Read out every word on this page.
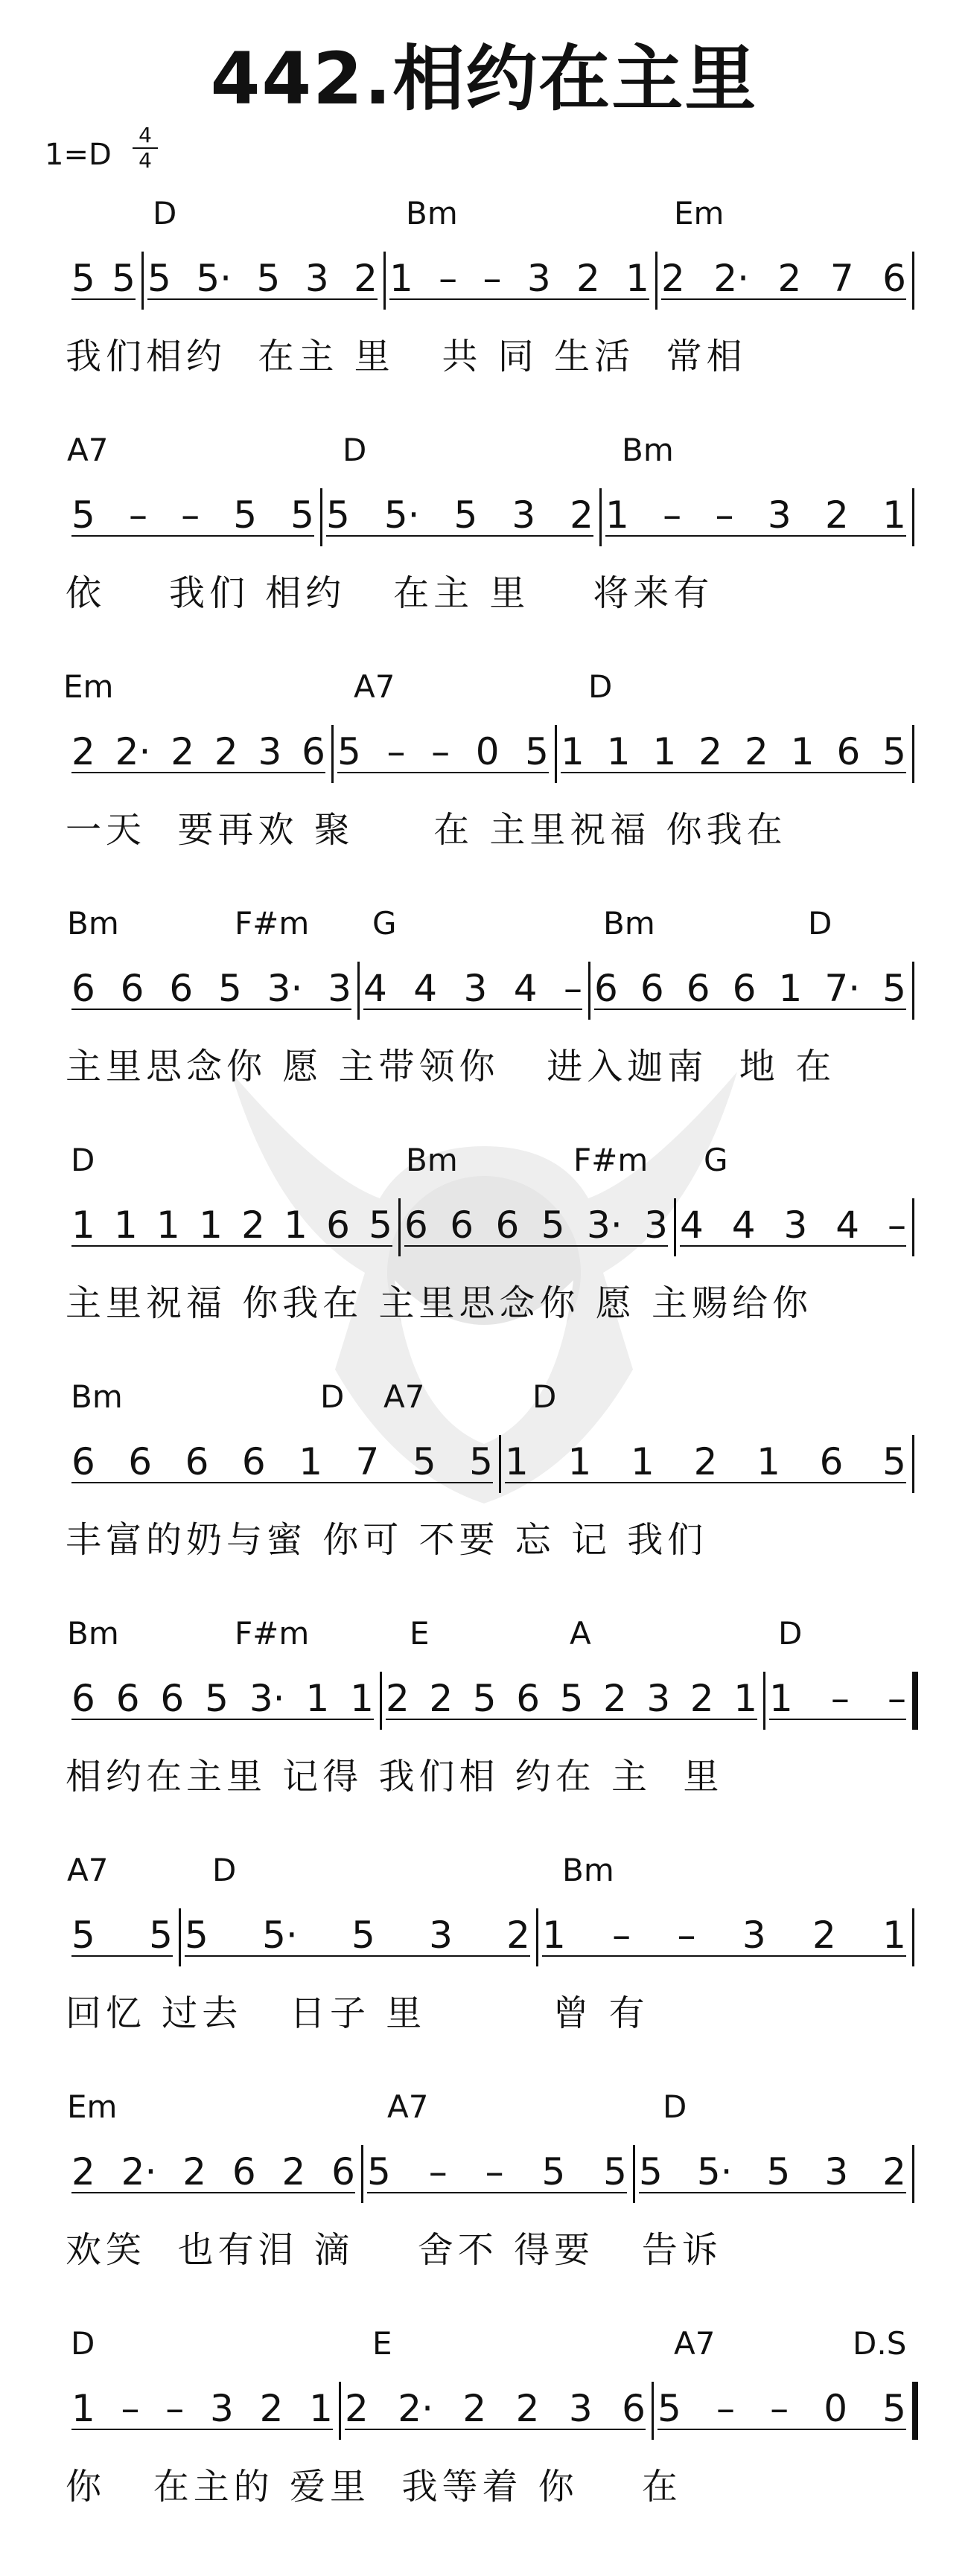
442.相约在主里
1=D
4
4
D	Bm	Em
5 5 5 5· 5 3 2 1 – – 3 2 1 2 2· 2 7 6
我们相约  在主 里   共 同 生活  常相
A7	D	Bm
5 – – 5 5 5 5· 5 3 2 1 – – 3 2 1
依    我们 相约   在主 里    将来有
Em	A7	D
2 2· 2 2 3 6 5 – – 0 5 1 1 1 2 2 1 6 5
一天  要再欢 聚     在 主里祝福 你我在
Bm	F#m G	Bm	D
6 6 6 5 3· 3 4 4 3 4 – 6 6 6 6 1 7· 5
主里思念你 愿 主带领你   进入迦南  地 在
D	Bm	F#m G
1 1 1 1 2 1 6 5 6 6 6 5 3· 3 4 4 3 4 –
主里祝福 你我在 主里思念你 愿 主赐给你
Bm	D A7	D
6 6 6 6 1 7 5 5 1 1 1 2 1 6 5
丰富的奶与蜜 你可 不要 忘 记 我们
Bm	F#m	E	A	D
6 6 6 5 3· 1 1 2 2 5 6 5 2 3 2 1 1 – –
相约在主里 记得 我们相 约在 主  里
A7	D	Bm
5 5 5 5· 5 3 2 1 – – 3 2 1
回忆 过去   日子 里        曾 有
Em	A7	D
2 2· 2 6 2 6 5 – – 5 5 5 5· 5 3 2
欢笑  也有泪 滴    舍不 得要   告诉
D	E	A7	D.S
1 – – 3 2 1 2 2· 2 2 3 6 5 – – 0 5
你   在主的 爱里  我等着 你    在
